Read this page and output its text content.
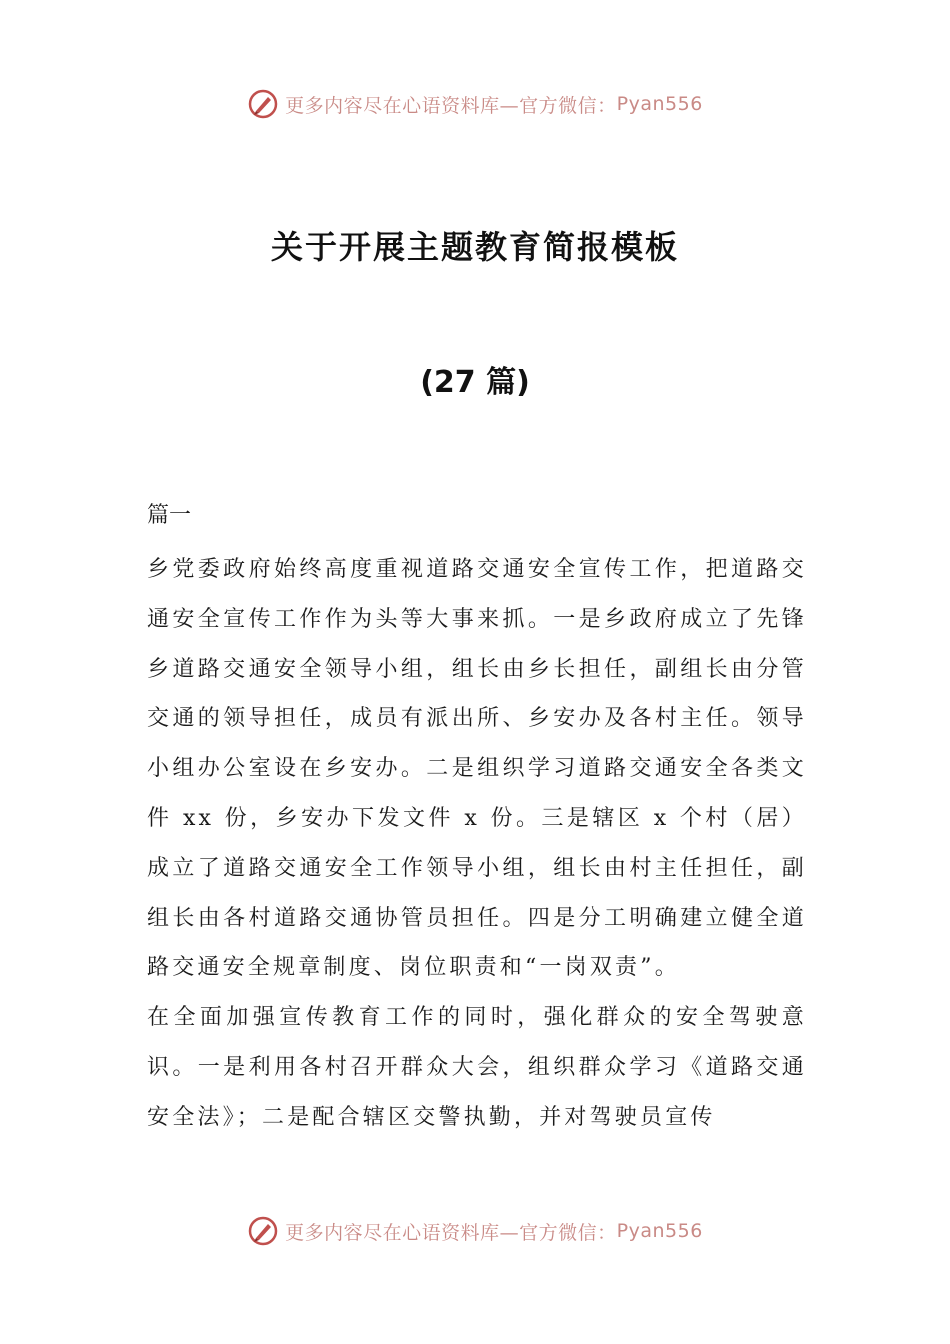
更多内容尽在心语资料库—官方微信： Pyan556
关于开展主题教育简报模板
(27 篇)

篇一

乡党委政府始终高度重视道路交通安全宣传工作，把道路交通安全宣传工作作为头等大事来抓。一是乡政府成立了先锋乡道路交通安全领导小组，组长由乡长担任，副组长由分管交通的领导担任，成员有派出所、乡安办及各村主任。领导小组办公室设在乡安办。二是组织学习道路交通安全各类文件 xx 份，乡安办下发文件 x 份。三是辖区 x 个村（居）成立了道路交通安全工作领导小组，组长由村主任担任，副组长由各村道路交通协管员担任。四是分工明确建立健全道路交通安全规章制度、岗位职责和“一岗双责”。

在全面加强宣传教育工作的同时，强化群众的安全驾驶意识。一是利用各村召开群众大会，组织群众学习《道路交通安全法》；二是配合辖区交警执勤，并对驾驶员宣传

更多内容尽在心语资料库—官方微信： Pyan556
